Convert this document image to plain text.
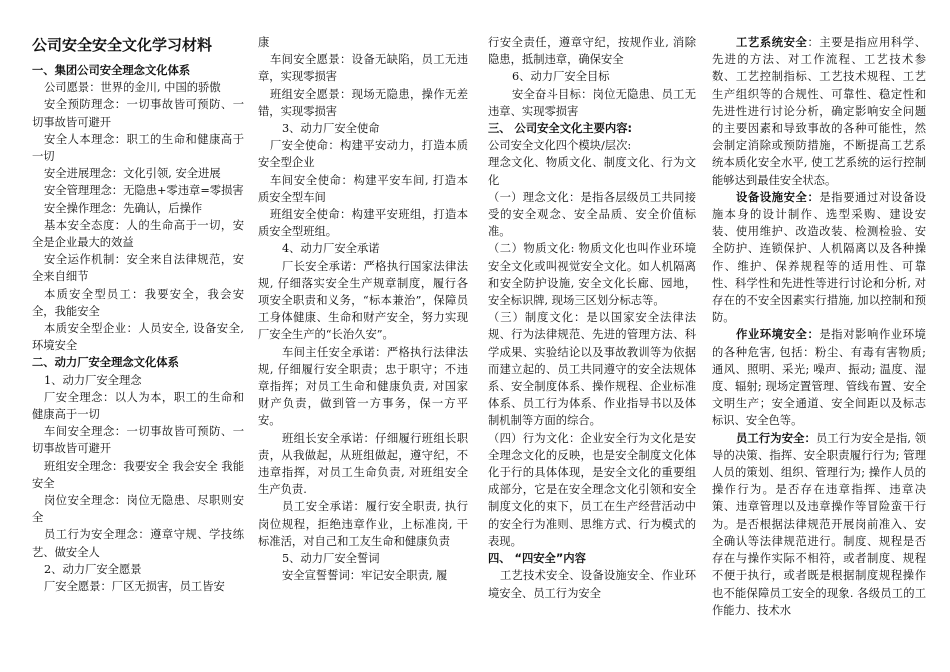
公司安全安全文化学习材料

一、集团公司安全理念文化体系

公司愿景：世界的金川, 中国的骄傲

安全预防理念：一切事故皆可预防、一切事故皆可避开

安全人本理念：职工的生命和健康高于一切

安全进展理念：文化引领, 安全进展

安全管理理念：无隐患+零违章=零损害

安全操作理念：先确认，后操作

基本安全态度：人的生命高于一切，安全是企业最大的效益

安全运作机制：安全来自法律规范，安全来自细节

本质安全型员工：我要安全，我会安全，我能安全

本质安全型企业：人员安全, 设备安全, 环境安全

二、动力厂安全理念文化体系

1、动力厂安全理念

厂安全理念：以人为本，职工的生命和健康高于一切

车间安全理念：一切事故皆可预防、一切事故皆可避开

班组安全理念：我要安全 我会安全 我能安全

岗位安全理念：岗位无隐患、尽职则安全

员工行为安全理念：遵章守规、学技练艺、做安全人

2、动力厂安全愿景

厂安全愿景：厂区无损害，员工皆安

康

车间安全愿景：设备无缺陷，员工无违章，实现零损害

班组安全愿景：现场无隐患，操作无差错，实现零损害

3、动力厂安全使命

厂安全使命：构建平安动力，打造本质安全型企业

车间安全使命：构建平安车间, 打造本质安全型车间

班组安全使命：构建平安班组，打造本质安全型班组。

4、动力厂安全承诺

厂长安全承诺：严格执行国家法律法规, 仔细落实安全生产规章制度，履行各项安全职责和义务，“标本兼治”，保障员工身体健康、生命和财产安全，努力实现厂安全生产的“长治久安”。

车间主任安全承诺：严格执行法律法规, 仔细履行安全职责；忠于职守；不违章指挥；对员工生命和健康负责, 对国家财产负责，做到管一方事务，保一方平安。

班组长安全承诺：仔细履行班组长职责，从我做起，从班组做起，遵守纪，不违章指挥，对员工生命负责, 对班组安全生产负责.

员工安全承诺：履行安全职责, 执行岗位规程，拒绝违章作业，上标准岗, 干标准活，对自己和工友生命和健康负责

5、动力厂安全誓词

安全宣誓誓词：牢记安全职责, 履

行安全责任，遵章守纪，按规作业, 消除隐患，抵制违章，确保安全

6、动力厂安全目标

安全奋斗目标：岗位无隐患、员工无违章、实现零损害

三、 公司安全文化主要内容:

公司安全文化四个模块/层次:

理念文化、物质文化、制度文化、行为文化

（一）理念文化：是指各层级员工共同接受的安全观念、安全品质、安全价值标准。

（二）物质文化: 物质文化也叫作业环境安全文化或叫视觉安全文化。如人机隔离和安全防护设施, 安全文化长廊、园地，安全标识牌, 现场三区划分标志等。

（三）制度文化：是以国家安全法律法规、行为法律规范、先进的管理方法、科学成果、实验结论以及事故教训等为依据而建立起的、员工共同遵守的安全法规体系、安全制度体系、操作规程、企业标准体系、员工行为体系、作业指导书以及体制机制等方面的综合。

（四）行为文化：企业安全行为文化是安全理念文化的反映，也是安全制度文化体化于行的具体体现，是安全文化的重要组成部分，它是在安全理念文化引领和安全制度文化的束下，员工在生产经营活动中的安全行为准则、思维方式、行为模式的表现。

四、 “四安全”内容

工艺技术安全、设备设施安全、作业环境安全、员工行为安全

工艺系统安全：主要是指应用科学、先进的方法、对工作流程、工艺技术参数、工艺控制指标、工艺技术规程、工艺生产组织等的合规性、可靠性、稳定性和先进性进行讨论分析，确定影响安全问题的主要因素和导致事故的各种可能性，然会制定消除或预防措施，不断提高工艺系统本质化安全水平, 使工艺系统的运行控制能够达到最佳安全状态。

设备设施安全：是指要通过对设备设施本身的设计制作、选型采购、建设安装、使用维护、改造改装、检测检验、安全防护、连锁保护、人机隔离以及各种操作、维护、保养规程等的适用性、可靠性、科学性和先进性等进行讨论和分析, 对存在的不安全因素实行措施, 加以控制和预防。

作业环境安全：是指对影响作业环境的各种危害, 包括：粉尘、有毒有害物质; 通风、照明、采光; 噪声、振动; 温度、湿度、辐射; 现场定置管理、管线布置、安全文明生产；安全通道、安全间距以及标志标识、安全色等。

员工行为安全：员工行为安全是指, 领导的决策、指挥、安全职责履行行为; 管理人员的策划、组织、管理行为; 操作人员的操作行为。是否存在违章指挥、违章决策、违章管理以及违章操作等冒险蛮干行为。是否根据法律规范开展岗前准入、安全确认等法律规范进行。制度、规程是否存在与操作实际不相符，或者制度、规程不便于执行，或者既是根据制度规程操作也不能保障员工安全的现象. 各级员工的工作能力、技术水
